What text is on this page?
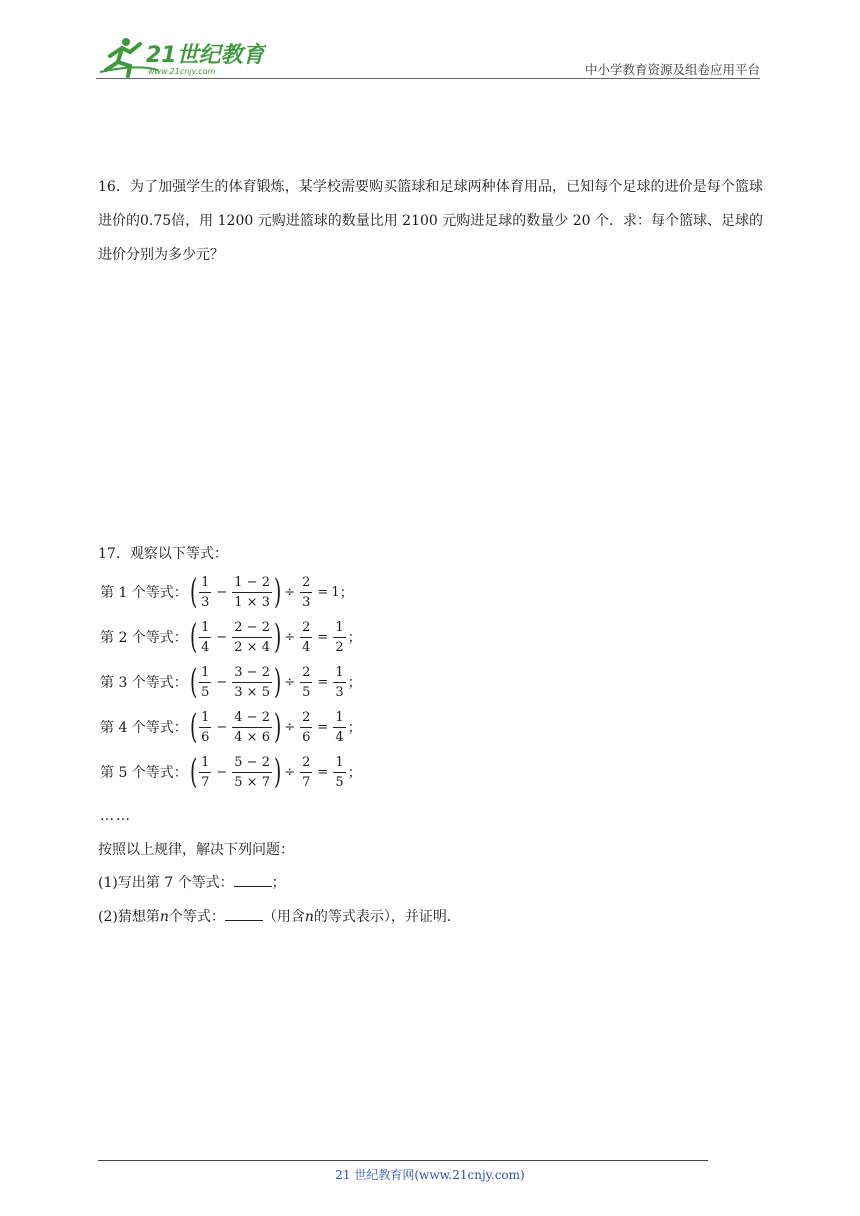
21世纪教育
www.21cnjy.com	中小学教育资源及组卷应用平台
16．为了加强学生的体育锻炼，某学校需要购买篮球和足球两种体育用品，已知每个足球的进价是每个篮球进价的0.75倍，用 1200 元购进篮球的数量比用 2100 元购进足球的数量少 20 个．求：每个篮球、足球的进价分别为多少元？
17．观察以下等式：
第 1 个等式： ( $\frac{1}{3} - \frac{1 - 2}{1 \times 3}$ ) ÷ $\frac{2}{3} = 1$ ；
第 2 个等式： ( $\frac{1}{4} - \frac{2 - 2}{2 \times 4}$ ) ÷ $\frac{2}{4} = \frac{1}{2}$ ；
第 3 个等式： ( $\frac{1}{5} - \frac{3 - 2}{3 \times 5}$ ) ÷ $\frac{2}{5} = \frac{1}{3}$ ；
第 4 个等式： ( $\frac{1}{6} - \frac{4 - 2}{4 \times 6}$ ) ÷ $\frac{2}{6} = \frac{1}{4}$ ；
第 5 个等式： ( $\frac{1}{7} - \frac{5 - 2}{5 \times 7}$ ) ÷ $\frac{2}{7} = \frac{1}{5}$ ；
……
按照以上规律，解决下列问题：
(1)写出第 7 个等式：	；
(2)猜想第n个等式：	（用含n的等式表示），并证明．
21 世纪教育网(www.21cnjy.com)
